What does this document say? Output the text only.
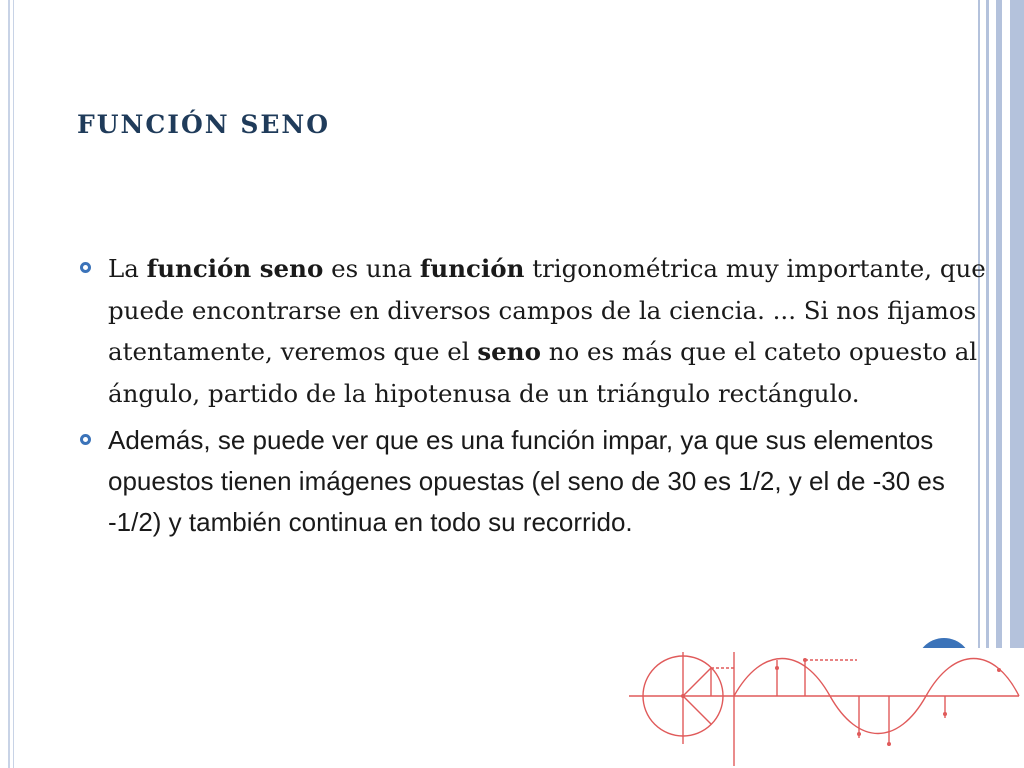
FUNCIÓN SENO
La función seno es una función trigonométrica muy importante, que puede encontrarse en diversos campos de la ciencia. ... Si nos fijamos atentamente, veremos que el seno no es más que el cateto opuesto al ángulo, partido de la hipotenusa de un triángulo rectángulo.
Además, se puede ver que es una función impar, ya que sus elementos opuestos tienen imágenes opuestas (el seno de 30 es 1/2, y el de -30 es -1/2) y también continua en todo su recorrido.
